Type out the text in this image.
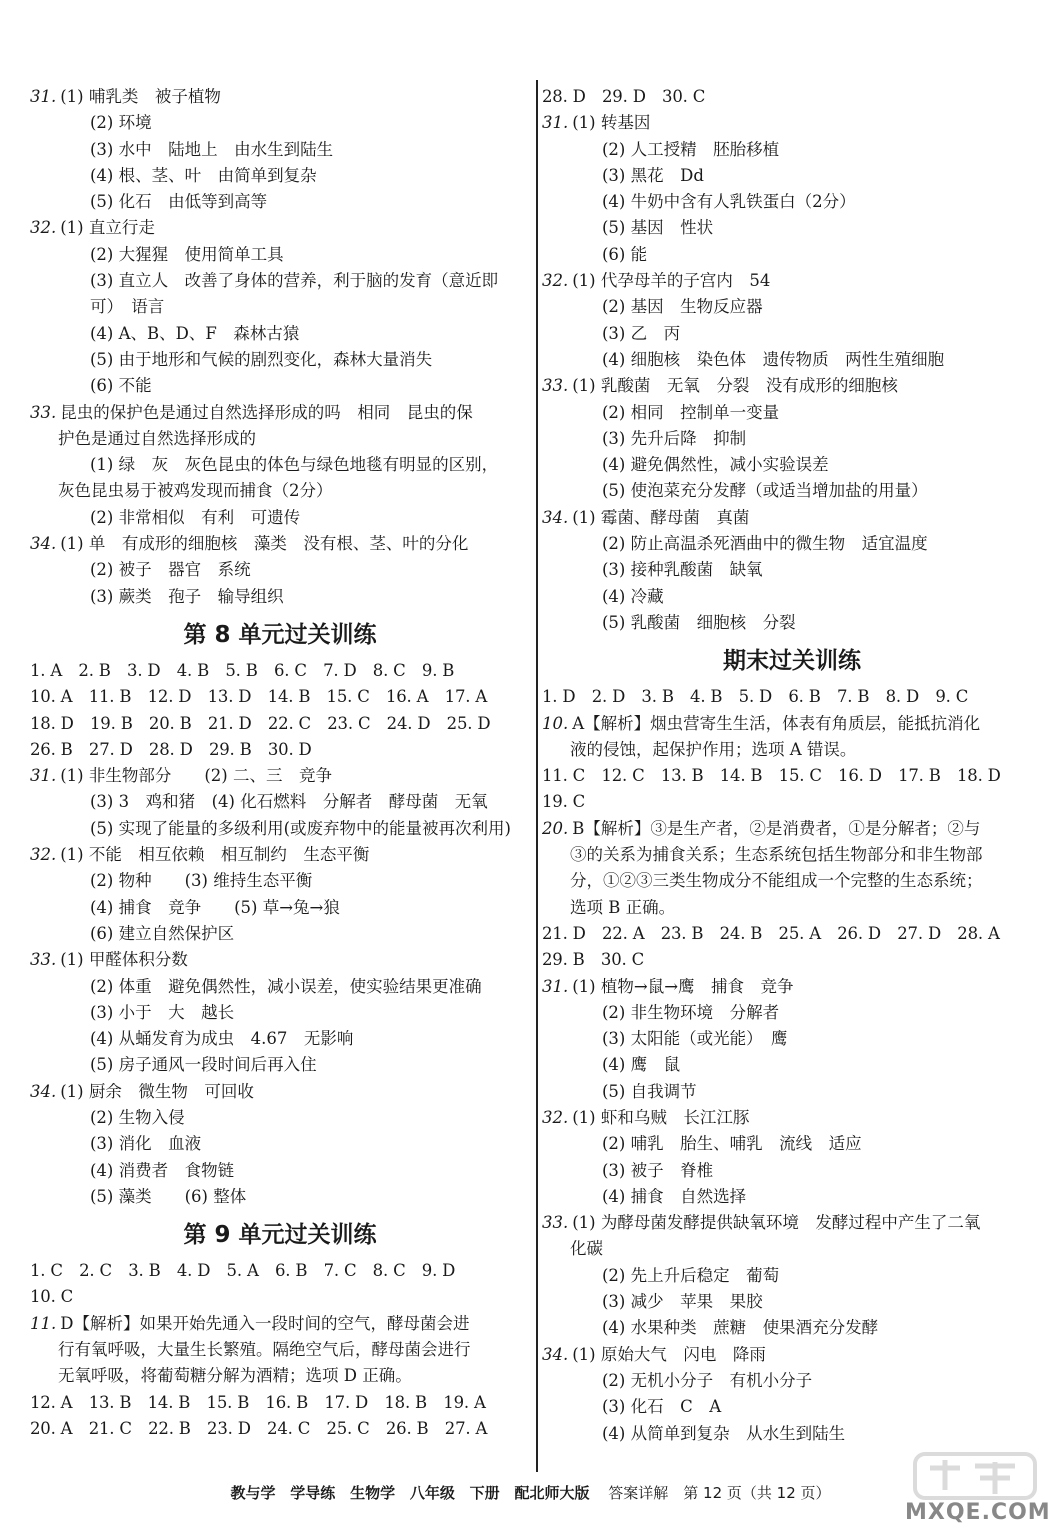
31. (1) 哺乳类　被子植物
(2) 环境
(3) 水中　陆地上　由水生到陆生
(4) 根、茎、叶　由简单到复杂
(5) 化石　由低等到高等
32. (1) 直立行走
(2) 大猩猩　使用简单工具
(3) 直立人　改善了身体的营养，利于脑的发育（意近即
可）　语言
(4) A、B、D、F　森林古猿
(5) 由于地形和气候的剧烈变化，森林大量消失
(6) 不能
33. 昆虫的保护色是通过自然选择形成的吗　相同　昆虫的保
护色是通过自然选择形成的
(1) 绿　灰　灰色昆虫的体色与绿色地毯有明显的区别，
灰色昆虫易于被鸡发现而捕食（2分）
(2) 非常相似　有利　可遗传
34. (1) 单　有成形的细胞核　藻类　没有根、茎、叶的分化
(2) 被子　器官　系统
(3) 蕨类　孢子　输导组织
第 8 单元过关训练
1. A　2. B　3. D　4. B　5. B　6. C　7. D　8. C　9. B
10. A　11. B　12. D　13. D　14. B　15. C　16. A　17. A
18. D　19. B　20. B　21. D　22. C　23. C　24. D　25. D
26. B　27. D　28. D　29. B　30. D
31. (1) 非生物部分　　(2) 二、三　竞争
(3) 3　鸡和猪　(4) 化石燃料　分解者　酵母菌　无氧
(5) 实现了能量的多级利用(或废弃物中的能量被再次利用)
32. (1) 不能　相互依赖　相互制约　生态平衡
(2) 物种　　(3) 维持生态平衡
(4) 捕食　竞争　　(5) 草→兔→狼
(6) 建立自然保护区
33. (1) 甲醛体积分数
(2) 体重　避免偶然性，减小误差，使实验结果更准确
(3) 小于　大　越长
(4) 从蛹发育为成虫　4.67　无影响
(5) 房子通风一段时间后再入住
34. (1) 厨余　微生物　可回收
(2) 生物入侵
(3) 消化　血液
(4) 消费者　食物链
(5) 藻类　　(6) 整体
第 9 单元过关训练
1. C　2. C　3. B　4. D　5. A　6. B　7. C　8. C　9. D
10. C
11. D【解析】如果开始先通入一段时间的空气，酵母菌会进
行有氧呼吸，大量生长繁殖。隔绝空气后，酵母菌会进行
无氧呼吸，将葡萄糖分解为酒精；选项 D 正确。
12. A　13. B　14. B　15. B　16. B　17. D　18. B　19. A
20. A　21. C　22. B　23. D　24. C　25. C　26. B　27. A
28. D　29. D　30. C
31. (1) 转基因
(2) 人工授精　胚胎移植
(3) 黑花　Dd
(4) 牛奶中含有人乳铁蛋白（2分）
(5) 基因　性状
(6) 能
32. (1) 代孕母羊的子宫内　54
(2) 基因　生物反应器
(3) 乙　丙
(4) 细胞核　染色体　遗传物质　两性生殖细胞
33. (1) 乳酸菌　无氧　分裂　没有成形的细胞核
(2) 相同　控制单一变量
(3) 先升后降　抑制
(4) 避免偶然性，减小实验误差
(5) 使泡菜充分发酵（或适当增加盐的用量）
34. (1) 霉菌、酵母菌　真菌
(2) 防止高温杀死酒曲中的微生物　适宜温度
(3) 接种乳酸菌　缺氧
(4) 冷藏
(5) 乳酸菌　细胞核　分裂
期末过关训练
1. D　2. D　3. B　4. B　5. D　6. B　7. B　8. D　9. C
10. A【解析】烟虫营寄生生活，体表有角质层，能抵抗消化
液的侵蚀，起保护作用；选项 A 错误。
11. C　12. C　13. B　14. B　15. C　16. D　17. B　18. D
19. C
20. B【解析】③是生产者，②是消费者，①是分解者；②与
③的关系为捕食关系；生态系统包括生物部分和非生物部
分，①②③三类生物成分不能组成一个完整的生态系统；
选项 B 正确。
21. D　22. A　23. B　24. B　25. A　26. D　27. D　28. A
29. B　30. C
31. (1) 植物→鼠→鹰　捕食　竞争
(2) 非生物环境　分解者
(3) 太阳能（或光能）　鹰
(4) 鹰　鼠
(5) 自我调节
32. (1) 虾和乌贼　长江江豚
(2) 哺乳　胎生、哺乳　流线　适应
(3) 被子　脊椎
(4) 捕食　自然选择
33. (1) 为酵母菌发酵提供缺氧环境　发酵过程中产生了二氧
化碳
(2) 先上升后稳定　葡萄
(3) 减少　苹果　果胶
(4) 水果种类　蔗糖　使果酒充分发酵
34. (1) 原始大气　闪电　降雨
(2) 无机小分子　有机小分子
(3) 化石　C　A
(4) 从简单到复杂　从水生到陆生
教与学 学导练 生物学 八年级 下册 配北师大版 答案详解　第 12 页（共 12 页）
MXQE.COM
